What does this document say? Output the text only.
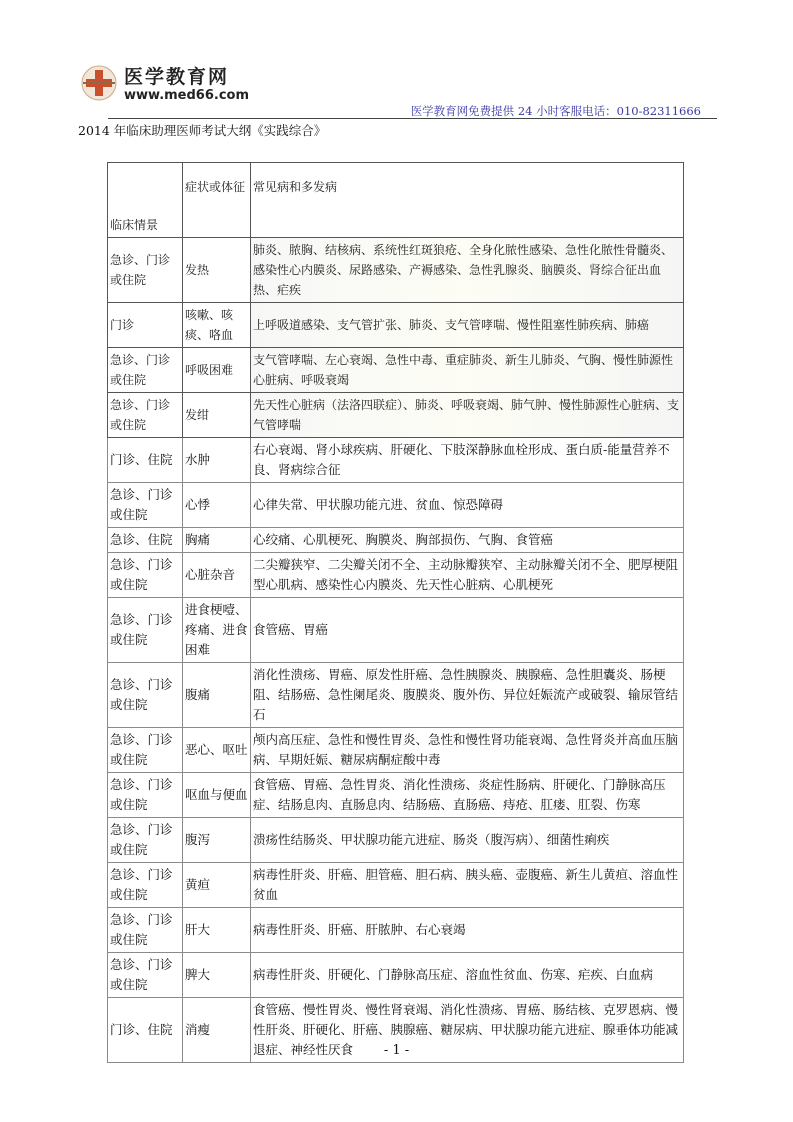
医学教育网
www.med66.com
医学教育网免费提供 24 小时客服电话：010-82311666
2014 年临床助理医师考试大纲《实践综合》
临床情景	症状或体征	常见病和多发病
急诊、门诊或住院	发热	肺炎、脓胸、结核病、系统性红斑狼疮、全身化脓性感染、急性化脓性骨髓炎、感染性心内膜炎、尿路感染、产褥感染、急性乳腺炎、脑膜炎、肾综合征出血热、疟疾
门诊	咳嗽、咳痰、咯血	上呼吸道感染、支气管扩张、肺炎、支气管哮喘、慢性阻塞性肺疾病、肺癌
急诊、门诊或住院	呼吸困难	支气管哮喘、左心衰竭、急性中毒、重症肺炎、新生儿肺炎、气胸、慢性肺源性心脏病、呼吸衰竭
急诊、门诊或住院	发绀	先天性心脏病（法洛四联症）、肺炎、呼吸衰竭、肺气肿、慢性肺源性心脏病、支气管哮喘
门诊、住院	水肿	右心衰竭、肾小球疾病、肝硬化、下肢深静脉血栓形成、蛋白质-能量营养不良、肾病综合征
急诊、门诊或住院	心悸	心律失常、甲状腺功能亢进、贫血、惊恐障碍
急诊、住院	胸痛	心绞痛、心肌梗死、胸膜炎、胸部损伤、气胸、食管癌
急诊、门诊或住院	心脏杂音	二尖瓣狭窄、二尖瓣关闭不全、主动脉瓣狭窄、主动脉瓣关闭不全、肥厚梗阻型心肌病、感染性心内膜炎、先天性心脏病、心肌梗死
急诊、门诊或住院	进食梗噎、疼痛、进食困难	食管癌、胃癌
急诊、门诊或住院	腹痛	消化性溃疡、胃癌、原发性肝癌、急性胰腺炎、胰腺癌、急性胆囊炎、肠梗阻、结肠癌、急性阑尾炎、腹膜炎、腹外伤、异位妊娠流产或破裂、输尿管结石
急诊、门诊或住院	恶心、呕吐	颅内高压症、急性和慢性胃炎、急性和慢性肾功能衰竭、急性肾炎并高血压脑病、早期妊娠、糖尿病酮症酸中毒
急诊、门诊或住院	呕血与便血	食管癌、胃癌、急性胃炎、消化性溃疡、炎症性肠病、肝硬化、门静脉高压症、结肠息肉、直肠息肉、结肠癌、直肠癌、痔疮、肛瘘、肛裂、伤寒
急诊、门诊或住院	腹泻	溃疡性结肠炎、甲状腺功能亢进症、肠炎（腹泻病）、细菌性痢疾
急诊、门诊或住院	黄疸	病毒性肝炎、肝癌、胆管癌、胆石病、胰头癌、壶腹癌、新生儿黄疸、溶血性贫血
急诊、门诊或住院	肝大	病毒性肝炎、肝癌、肝脓肿、右心衰竭
急诊、门诊或住院	脾大	病毒性肝炎、肝硬化、门静脉高压症、溶血性贫血、伤寒、疟疾、白血病
门诊、住院	消瘦	食管癌、慢性胃炎、慢性肾衰竭、消化性溃疡、胃癌、肠结核、克罗恩病、慢性肝炎、肝硬化、肝癌、胰腺癌、糖尿病、甲状腺功能亢进症、腺垂体功能减退症、神经性厌食	- 1 -
